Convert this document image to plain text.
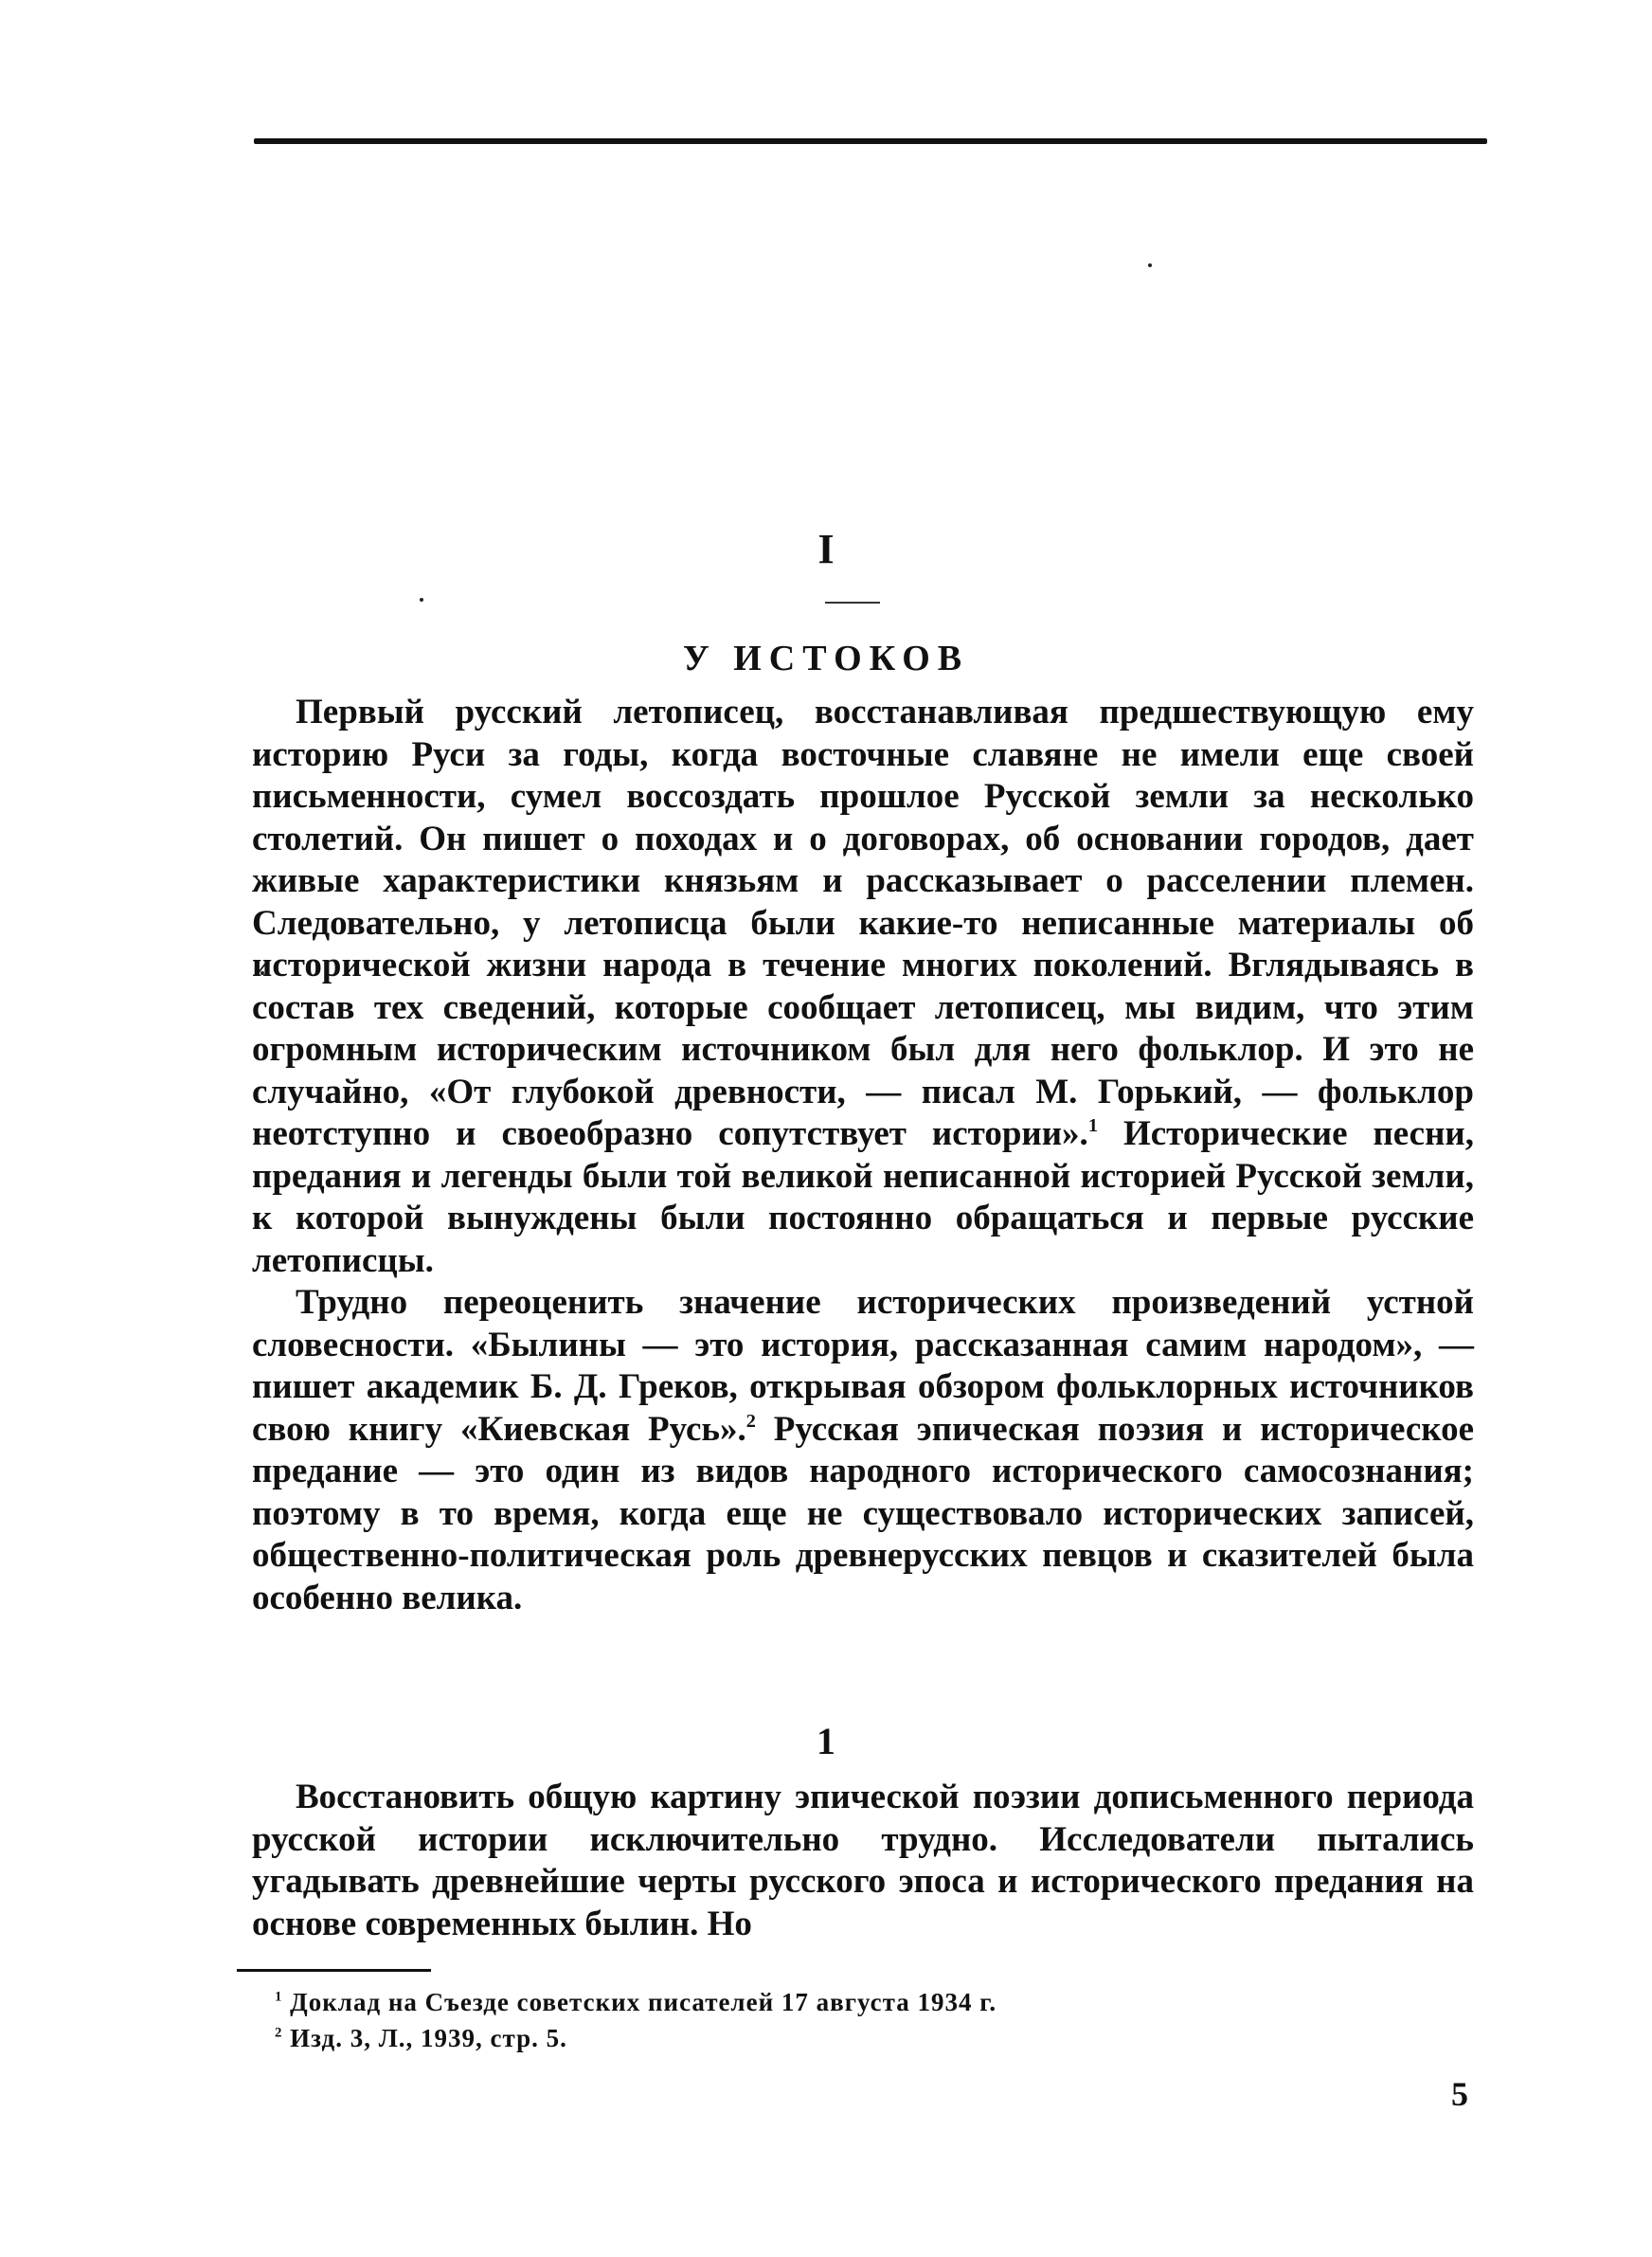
I
У ИСТОКОВ

Первый русский летописец, восстанавливая предшествующую ему историю Руси за годы, когда восточные славяне не имели еще своей письменности, сумел воссоздать прошлое Русской земли за несколько столетий. Он пишет о походах и о договорах, об основании городов, дает живые характеристики князьям и рассказывает о расселении племен. Следовательно, у летописца были какие-то неписанные материалы об исторической жизни народа в течение многих поколений. Вглядываясь в состав тех сведений, которые сообщает летописец, мы видим, что этим огромным историческим источником был для него фольклор. И это не случайно, «От глубокой древности, — писал М. Горький, — фольклор неотступно и своеобразно сопутствует истории».$^1$ Исторические песни, предания и легенды были той великой неписанной историей Русской земли, к которой вынуждены были постоянно обращаться и первые русские летописцы.

Трудно переоценить значение исторических произведений устной словесности. «Былины — это история, рассказанная самим народом», — пишет академик Б. Д. Греков, открывая обзором фольклорных источников свою книгу «Киевская Русь».$^2$ Русская эпическая поэзия и историческое предание — это один из видов народного исторического самосознания; поэтому в то время, когда еще не существовало исторических записей, общественно-политическая роль древнерусских певцов и сказителей была особенно велика.

1

Восстановить общую картину эпической поэзии дописьменного периода русской истории исключительно трудно. Исследователи пытались угадывать древнейшие черты русского эпоса и исторического предания на основе современных былин. Но

$^1$ Доклад на Съезде советских писателей 17 августа 1934 г.

$^2$ Изд. 3, Л., 1939, стр. 5.

5
